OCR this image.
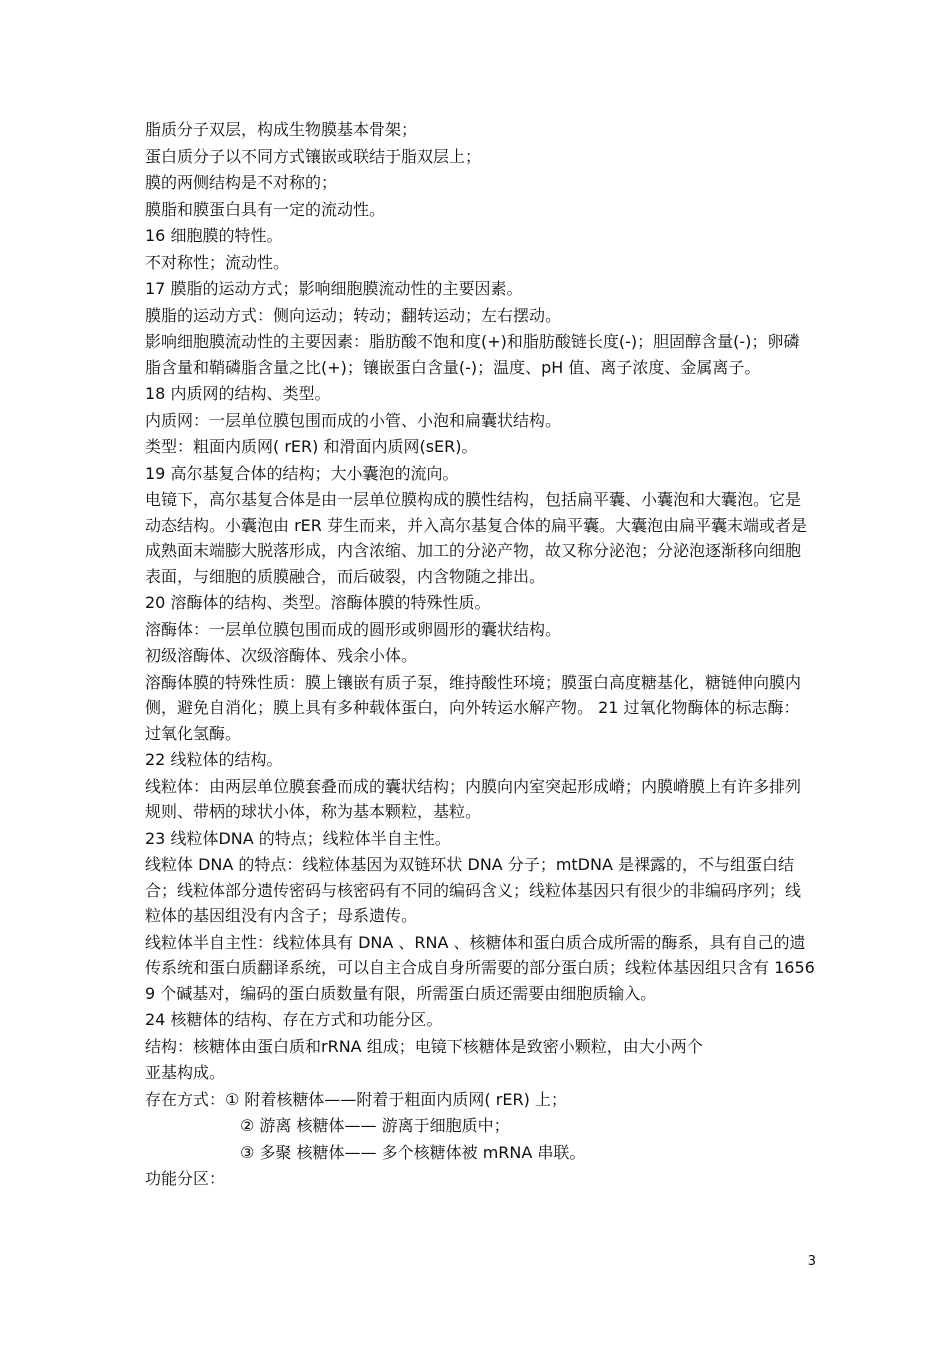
脂质分子双层，构成生物膜基本骨架；

蛋白质分子以不同方式镶嵌或联结于脂双层上；

膜的两侧结构是不对称的；

膜脂和膜蛋白具有一定的流动性。

16 细胞膜的特性。

不对称性；流动性。

17 膜脂的运动方式；影响细胞膜流动性的主要因素。

膜脂的运动方式：侧向运动；转动；翻转运动；左右摆动。

影响细胞膜流动性的主要因素：脂肪酸不饱和度(+)和脂肪酸链长度(-)；胆固醇含量(-)；卵磷脂含量和鞘磷脂含量之比(+)；镶嵌蛋白含量(-)；温度、pH 值、离子浓度、金属离子。

18 内质网的结构、类型。

内质网：一层单位膜包围而成的小管、小泡和扁囊状结构。

类型：粗面内质网( rER) 和滑面内质网(sER)。

19 高尔基复合体的结构；大小囊泡的流向。

电镜下，高尔基复合体是由一层单位膜构成的膜性结构，包括扁平囊、小囊泡和大囊泡。它是动态结构。小囊泡由 rER 芽生而来，并入高尔基复合体的扁平囊。大囊泡由扁平囊末端或者是成熟面末端膨大脱落形成，内含浓缩、加工的分泌产物，故又称分泌泡；分泌泡逐渐移向细胞表面，与细胞的质膜融合，而后破裂，内含物随之排出。

20 溶酶体的结构、类型。溶酶体膜的特殊性质。

溶酶体：一层单位膜包围而成的圆形或卵圆形的囊状结构。

初级溶酶体、次级溶酶体、残余小体。

溶酶体膜的特殊性质：膜上镶嵌有质子泵，维持酸性环境；膜蛋白高度糖基化，糖链伸向膜内侧，避免自消化；膜上具有多种载体蛋白，向外转运水解产物。 21 过氧化物酶体的标志酶：过氧化氢酶。

22 线粒体的结构。

线粒体：由两层单位膜套叠而成的囊状结构；内膜向内室突起形成嵴；内膜嵴膜上有许多排列规则、带柄的球状小体，称为基本颗粒，基粒。

23 线粒体DNA 的特点；线粒体半自主性。

线粒体 DNA 的特点：线粒体基因为双链环状 DNA 分子；mtDNA 是裸露的，不与组蛋白结合；线粒体部分遗传密码与核密码有不同的编码含义；线粒体基因只有很少的非编码序列；线粒体的基因组没有内含子；母系遗传。

线粒体半自主性：线粒体具有 DNA 、RNA 、核糖体和蛋白质合成所需的酶系，具有自己的遗传系统和蛋白质翻译系统，可以自主合成自身所需要的部分蛋白质；线粒体基因组只含有 16569 个碱基对，编码的蛋白质数量有限，所需蛋白质还需要由细胞质输入。

24 核糖体的结构、存在方式和功能分区。

结构：核糖体由蛋白质和rRNA 组成；电镜下核糖体是致密小颗粒，由大小两个

亚基构成。

存在方式：① 附着核糖体——附着于粗面内质网( rER) 上；

② 游离 核糖体—— 游离于细胞质中；

③ 多聚 核糖体—— 多个核糖体被 mRNA 串联。

功能分区：

3
